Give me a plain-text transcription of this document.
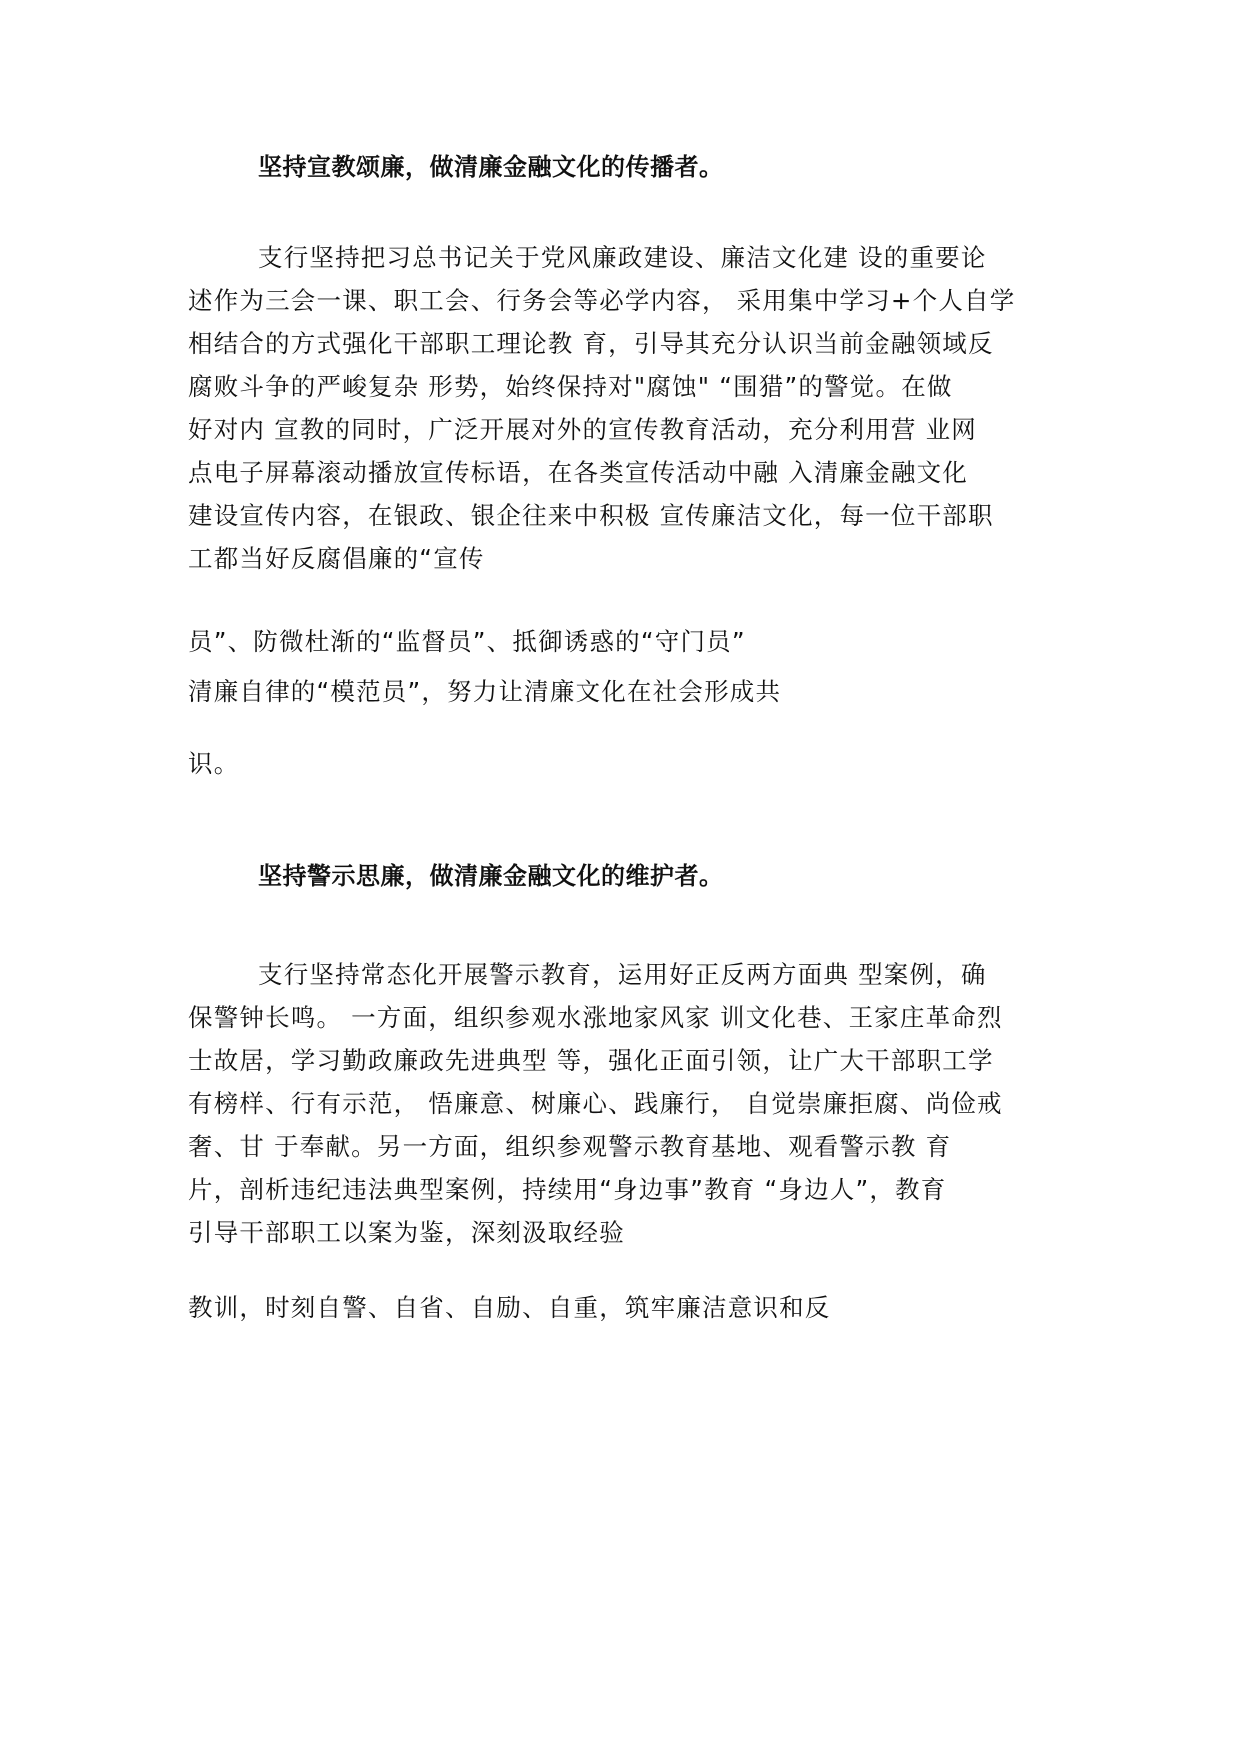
坚持宣教颂廉，做清廉金融文化的传播者。
支行坚持把习总书记关于党风廉政建设、廉洁文化建 设的重要论
述作为三会一课、职工会、行务会等必学内容， 采用集中学习+个人自学
相结合的方式强化干部职工理论教 育，引导其充分认识当前金融领域反
腐败斗争的严峻复杂 形势，始终保持对"腐蚀" “围猎”的警觉。在做
好对内 宣教的同时，广泛开展对外的宣传教育活动，充分利用营 业网
点电子屏幕滚动播放宣传标语，在各类宣传活动中融 入清廉金融文化
建设宣传内容，在银政、银企往来中积极 宣传廉洁文化，每一位干部职
工都当好反腐倡廉的“宣传
员”、防微杜渐的“监督员”、抵御诱惑的“守门员”
清廉自律的“模范员”，努力让清廉文化在社会形成共
识。
坚持警示思廉，做清廉金融文化的维护者。
支行坚持常态化开展警示教育，运用好正反两方面典 型案例，确
保警钟长鸣。 一方面，组织参观水涨地家风家 训文化巷、王家庄革命烈
士故居，学习勤政廉政先进典型 等，强化正面引领，让广大干部职工学
有榜样、行有示范， 悟廉意、树廉心、践廉行， 自觉崇廉拒腐、尚俭戒
奢、甘 于奉献。另一方面，组织参观警示教育基地、观看警示教 育
片，剖析违纪违法典型案例，持续用“身边事”教育 “身边人”，教育
引导干部职工以案为鉴，深刻汲取经验
教训，时刻自警、自省、自励、自重，筑牢廉洁意识和反
